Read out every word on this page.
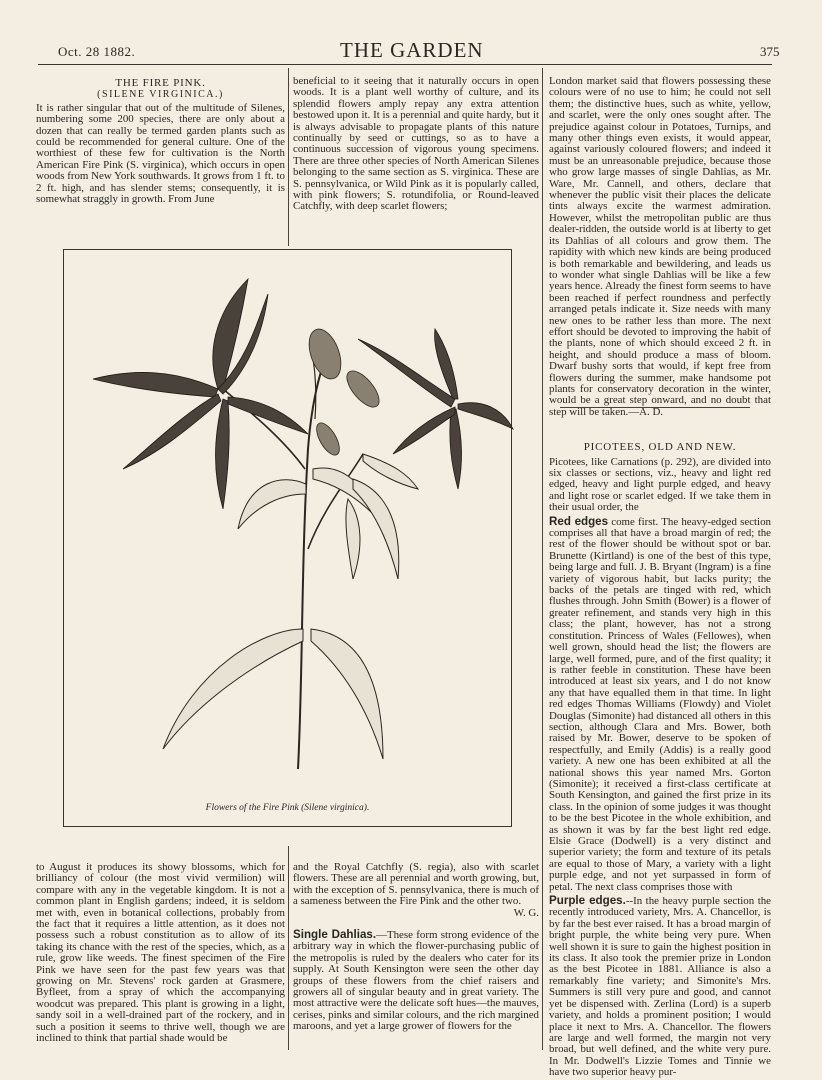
Oct. 28 1882.	THE GARDEN	375

THE FIRE PINK.

(SILENE VIRGINICA.)

It is rather singular that out of the multitude of Silenes, numbering some 200 species, there are only about a dozen that can really be termed garden plants such as could be recommended for general culture. One of the worthiest of these few for cultivation is the North American Fire Pink (S. virginica), which occurs in open woods from New York southwards. It grows from 1 ft. to 2 ft. high, and has slender stems; consequently, it is somewhat straggly in growth. From June

beneficial to it seeing that it naturally occurs in open woods. It is a plant well worthy of culture, and its splendid flowers amply repay any extra attention bestowed upon it. It is a perennial and quite hardy, but it is always advisable to propagate plants of this nature continually by seed or cuttings, so as to have a continuous succession of vigorous young specimens. There are three other species of North American Silenes belonging to the same section as S. virginica. These are S. pennsylvanica, or Wild Pink as it is popularly called, with pink flowers; S. rotundifolia, or Round-leaved Catchfly, with deep scarlet flowers;

Flowers of the Fire Pink (Silene virginica).

to August it produces its showy blossoms, which for brilliancy of colour (the most vivid vermilion) will compare with any in the vegetable kingdom. It is not a common plant in English gardens; indeed, it is seldom met with, even in botanical collections, probably from the fact that it requires a little attention, as it does not possess such a robust constitution as to allow of its taking its chance with the rest of the species, which, as a rule, grow like weeds. The finest specimen of the Fire Pink we have seen for the past few years was that growing on Mr. Stevens' rock garden at Grasmere, Byfleet, from a spray of which the accompanying woodcut was prepared. This plant is growing in a light, sandy soil in a well-drained part of the rockery, and in such a position it seems to thrive well, though we are inclined to think that partial shade would be

and the Royal Catchfly (S. regia), also with scarlet flowers. These are all perennial and worth growing, but, with the exception of S. pennsylvanica, there is much of a sameness between the Fire Pink and the other two.

W. G.

Single Dahlias.—These form strong evidence of the arbitrary way in which the flower-purchasing public of the metropolis is ruled by the dealers who cater for its supply. At South Kensington were seen the other day groups of these flowers from the chief raisers and growers all of singular beauty and in great variety. The most attractive were the delicate soft hues—the mauves, cerises, pinks and similar colours, and the rich margined maroons, and yet a large grower of flowers for the

London market said that flowers possessing these colours were of no use to him; he could not sell them; the distinctive hues, such as white, yellow, and scarlet, were the only ones sought after. The prejudice against colour in Potatoes, Turnips, and many other things even exists, it would appear, against variously coloured flowers; and indeed it must be an unreasonable prejudice, because those who grow large masses of single Dahlias, as Mr. Ware, Mr. Cannell, and others, declare that whenever the public visit their places the delicate tints always excite the warmest admiration. However, whilst the metropolitan public are thus dealer-ridden, the outside world is at liberty to get its Dahlias of all colours and grow them. The rapidity with which new kinds are being produced is both remarkable and bewildering, and leads us to wonder what single Dahlias will be like a few years hence. Already the finest form seems to have been reached if perfect roundness and perfectly arranged petals indicate it. Size needs with many new ones to be rather less than more. The next effort should be devoted to improving the habit of the plants, none of which should exceed 2 ft. in height, and should produce a mass of bloom. Dwarf bushy sorts that would, if kept free from flowers during the summer, make handsome pot plants for conservatory decoration in the winter, would be a great step onward, and no doubt that step will be taken.—A. D.

PICOTEES, OLD AND NEW.

Picotees, like Carnations (p. 292), are divided into six classes or sections, viz., heavy and light red edged, heavy and light purple edged, and heavy and light rose or scarlet edged. If we take them in their usual order, the

Red edges come first. The heavy-edged section comprises all that have a broad margin of red; the rest of the flower should be without spot or bar. Brunette (Kirtland) is one of the best of this type, being large and full. J. B. Bryant (Ingram) is a fine variety of vigorous habit, but lacks purity; the backs of the petals are tinged with red, which flushes through. John Smith (Bower) is a flower of greater refinement, and stands very high in this class; the plant, however, has not a strong constitution. Princess of Wales (Fellowes), when well grown, should head the list; the flowers are large, well formed, pure, and of the first quality; it is rather feeble in constitution. These have been introduced at least six years, and I do not know any that have equalled them in that time. In light red edges Thomas Williams (Flowdy) and Violet Douglas (Simonite) had distanced all others in this section, although Clara and Mrs. Bower, both raised by Mr. Bower, deserve to be spoken of respectfully, and Emily (Addis) is a really good variety. A new one has been exhibited at all the national shows this year named Mrs. Gorton (Simonite); it received a first-class certificate at South Kensington, and gained the first prize in its class. In the opinion of some judges it was thought to be the best Picotee in the whole exhibition, and as shown it was by far the best light red edge. Elsie Grace (Dodwell) is a very distinct and superior variety; the form and texture of its petals are equal to those of Mary, a variety with a light purple edge, and not yet surpassed in form of petal. The next class comprises those with

Purple edges.--In the heavy purple section the recently introduced variety, Mrs. A. Chancellor, is by far the best ever raised. It has a broad margin of bright purple, the white being very pure. When well shown it is sure to gain the highest position in its class. It also took the premier prize in London as the best Picotee in 1881. Alliance is also a remarkably fine variety; and Simonite's Mrs. Summers is still very pure and good, and cannot yet be dispensed with. Zerlina (Lord) is a superb variety, and holds a prominent position; I would place it next to Mrs. A. Chancellor. The flowers are large and well formed, the margin not very broad, but well defined, and the white very pure. In Mr. Dodwell's Lizzie Tomes and Tinnie we have two superior heavy pur-
